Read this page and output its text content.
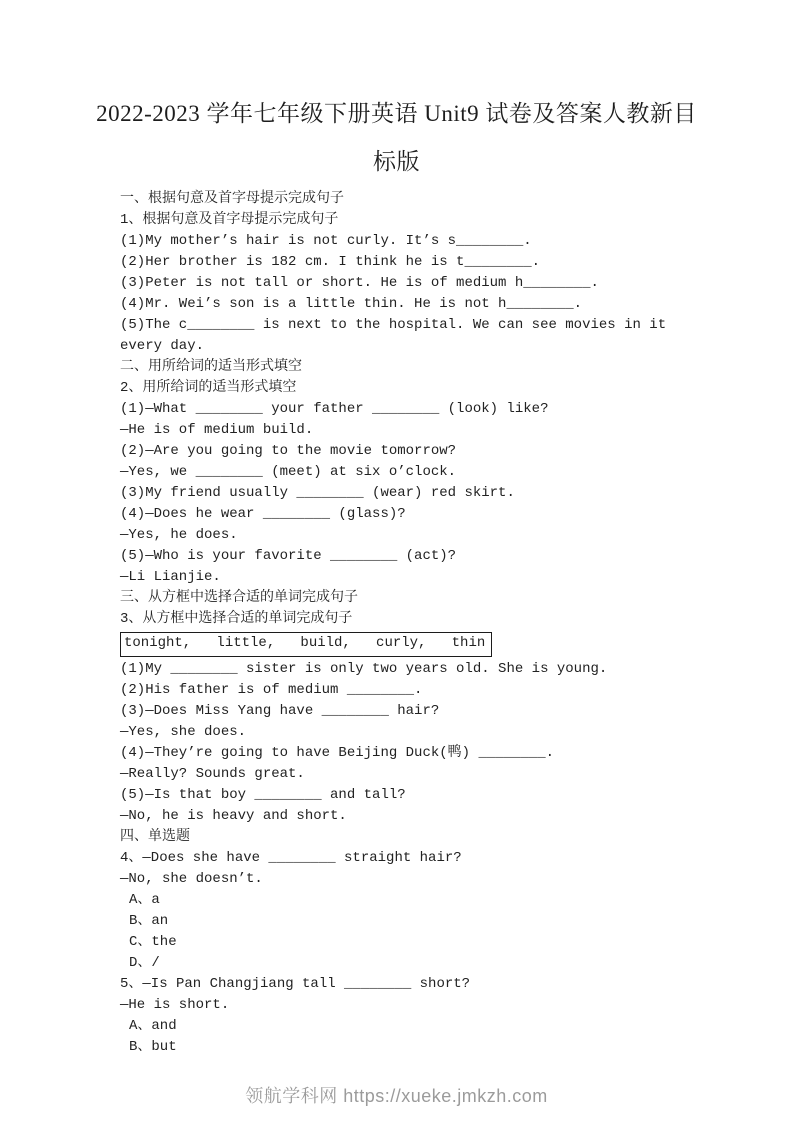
2022-2023 学年七年级下册英语 Unit9 试卷及答案人教新目
标版
一、根据句意及首字母提示完成句子
1、根据句意及首字母提示完成句子
(1)My mother’s hair is not curly. It’s s________.
(2)Her brother is 182 cm. I think he is t________.
(3)Peter is not tall or short. He is of medium h________.
(4)Mr. Wei’s son is a little thin. He is not h________.
(5)The c________ is next to the hospital. We can see movies in it every day.
二、用所给词的适当形式填空
2、用所给词的适当形式填空
(1)—What ________ your father ________ (look) like?
—He is of medium build.
(2)—Are you going to the movie tomorrow?
—Yes, we ________ (meet) at six o’clock.
(3)My friend usually ________ (wear) red skirt.
(4)—Does he wear ________ (glass)?
—Yes, he does.
(5)—Who is your favorite ________ (act)?
—Li Lianjie.
三、从方框中选择合适的单词完成句子
3、从方框中选择合适的单词完成句子
tonight,   little,   build,   curly,   thin
(1)My ________ sister is only two years old. She is young.
(2)His father is of medium ________.
(3)—Does Miss Yang have ________ hair?
—Yes, she does.
(4)—They’re going to have Beijing Duck(鸭) ________.
—Really? Sounds great.
(5)—Is that boy ________ and tall?
—No, he is heavy and short.
四、单选题
4、—Does she have ________ straight hair?
—No, she doesn’t.
A、a
B、an
C、the
D、/
5、—Is Pan Changjiang tall ________ short?
—He is short.
A、and
B、but
领航学科网 https://xueke.jmkzh.com
